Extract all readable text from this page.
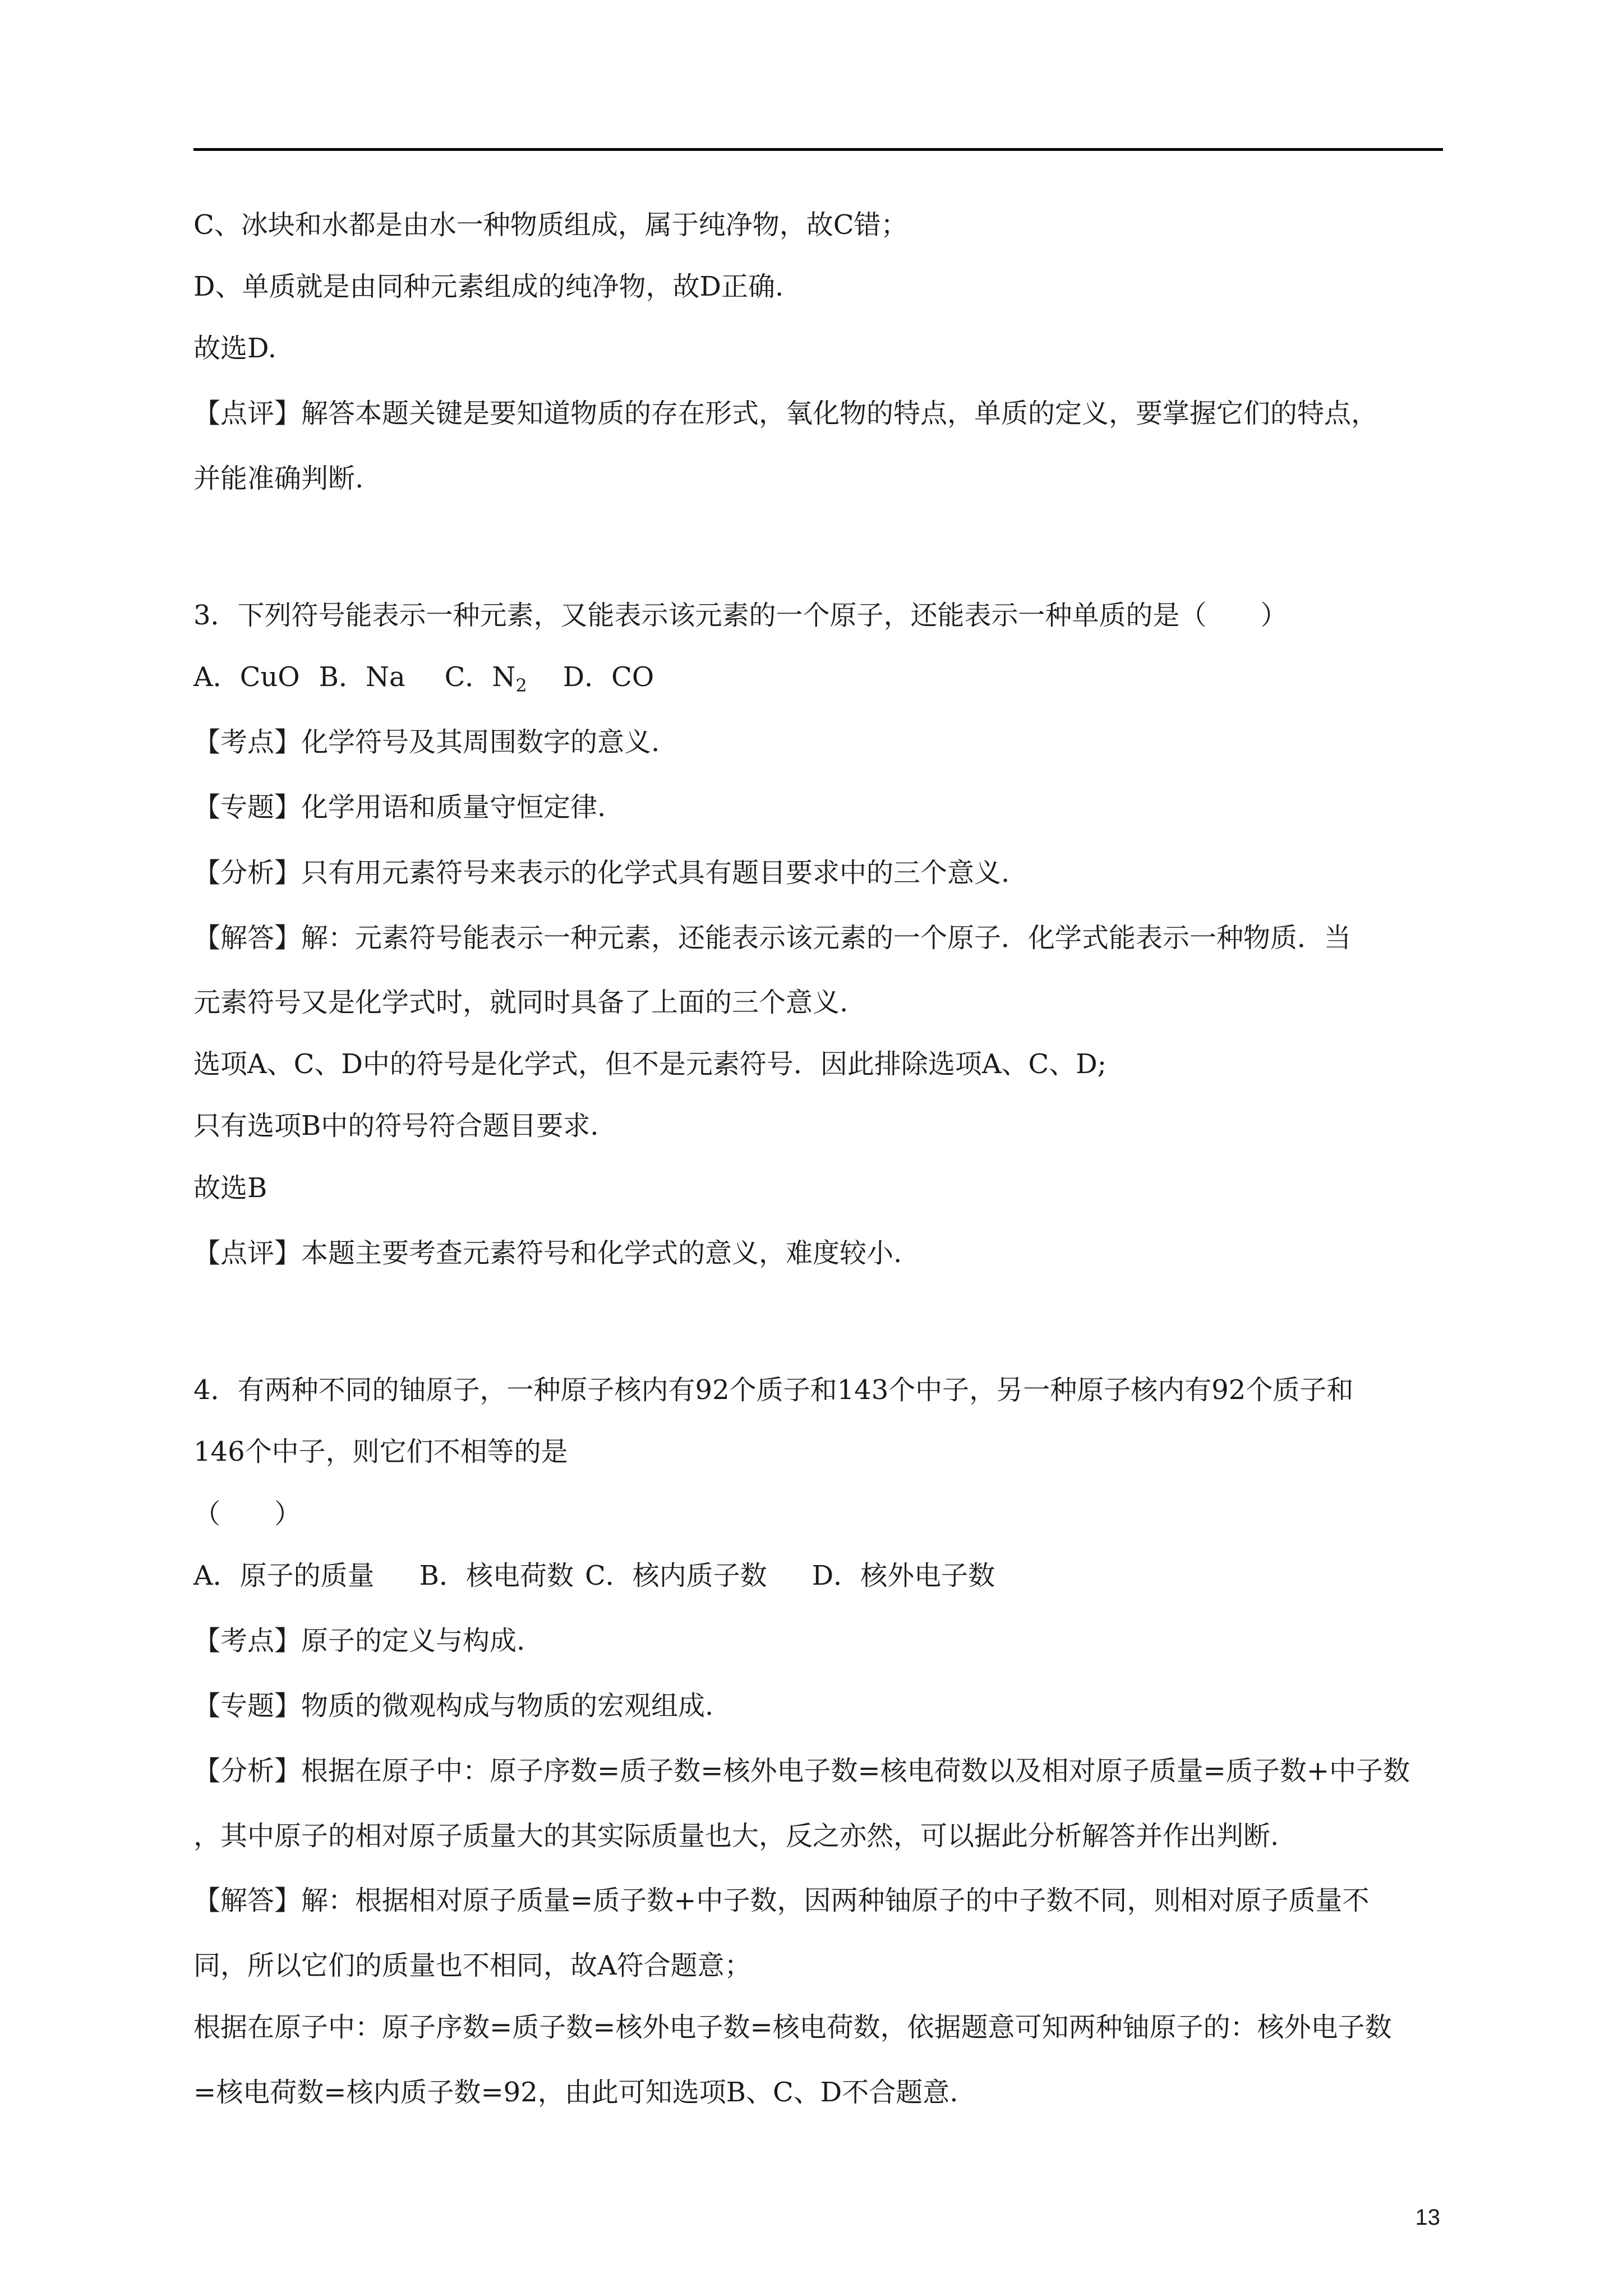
C、冰块和水都是由水一种物质组成，属于纯净物，故C错；
D、单质就是由同种元素组成的纯净物，故D正确.
故选D.
【点评】解答本题关键是要知道物质的存在形式，氧化物的特点，单质的定义，要掌握它们的特点，
并能准确判断.
3．下列符号能表示一种元素，又能表示该元素的一个原子，还能表示一种单质的是（　　）
A．CuO B．Na C．$N_2$ D．CO
【考点】化学符号及其周围数字的意义.
【专题】化学用语和质量守恒定律.
【分析】只有用元素符号来表示的化学式具有题目要求中的三个意义.
【解答】解：元素符号能表示一种元素，还能表示该元素的一个原子．化学式能表示一种物质．当
元素符号又是化学式时，就同时具备了上面的三个意义.
选项A、C、D中的符号是化学式，但不是元素符号．因此排除选项A、C、D;
只有选项B中的符号符合题目要求.
故选B
【点评】本题主要考查元素符号和化学式的意义，难度较小.
4．有两种不同的铀原子，一种原子核内有92个质子和143个中子，另一种原子核内有92个质子和
146个中子，则它们不相等的是
（　　）
A．原子的质量 B．核电荷数 C．核内质子数 D．核外电子数
【考点】原子的定义与构成.
【专题】物质的微观构成与物质的宏观组成.
【分析】根据在原子中：原子序数=质子数=核外电子数=核电荷数以及相对原子质量=质子数+中子数
，其中原子的相对原子质量大的其实际质量也大，反之亦然，可以据此分析解答并作出判断.
【解答】解：根据相对原子质量=质子数+中子数，因两种铀原子的中子数不同，则相对原子质量不
同，所以它们的质量也不相同，故A符合题意；
根据在原子中：原子序数=质子数=核外电子数=核电荷数，依据题意可知两种铀原子的：核外电子数
=核电荷数=核内质子数=92，由此可知选项B、C、D不合题意.
13
